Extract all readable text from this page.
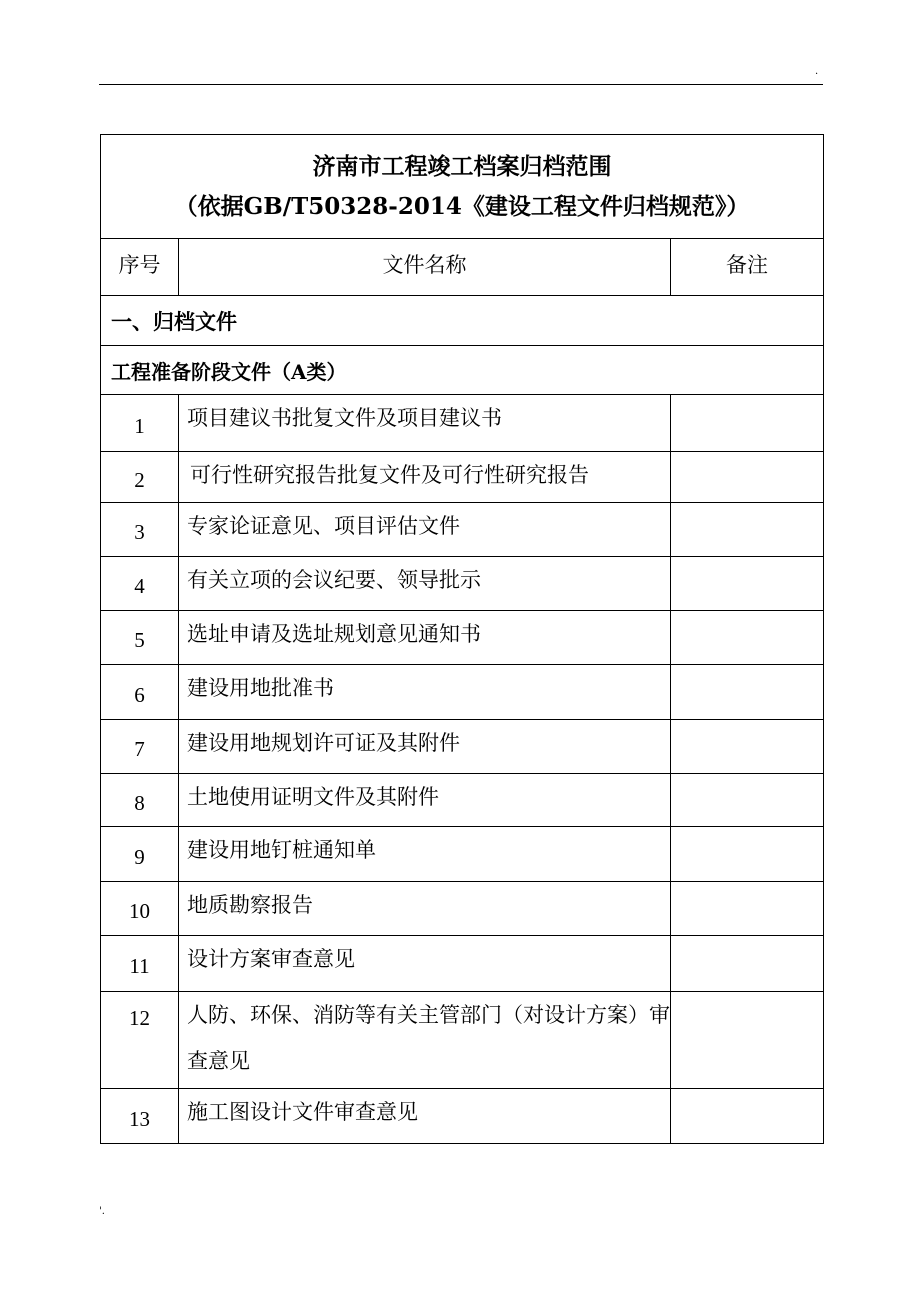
.
济南市工程竣工档案归档范围
（依据GB/T50328-2014《建设工程文件归档规范》）		

序号	文件名称	备注
一、归档文件		
工程准备阶段文件（A类）		
1	项目建议书批复文件及项目建议书	
2	可行性研究报告批复文件及可行性研究报告	
3	专家论证意见、项目评估文件	
4	有关立项的会议纪要、领导批示	
5	选址申请及选址规划意见通知书	
6	建设用地批准书	
7	建设用地规划许可证及其附件	
8	土地使用证明文件及其附件	
9	建设用地钉桩通知单	
10	地质勘察报告	
11	设计方案审查意见	
12	人防、环保、消防等有关主管部门（对设计方案）审查意见	
13	施工图设计文件审查意见	
'.
